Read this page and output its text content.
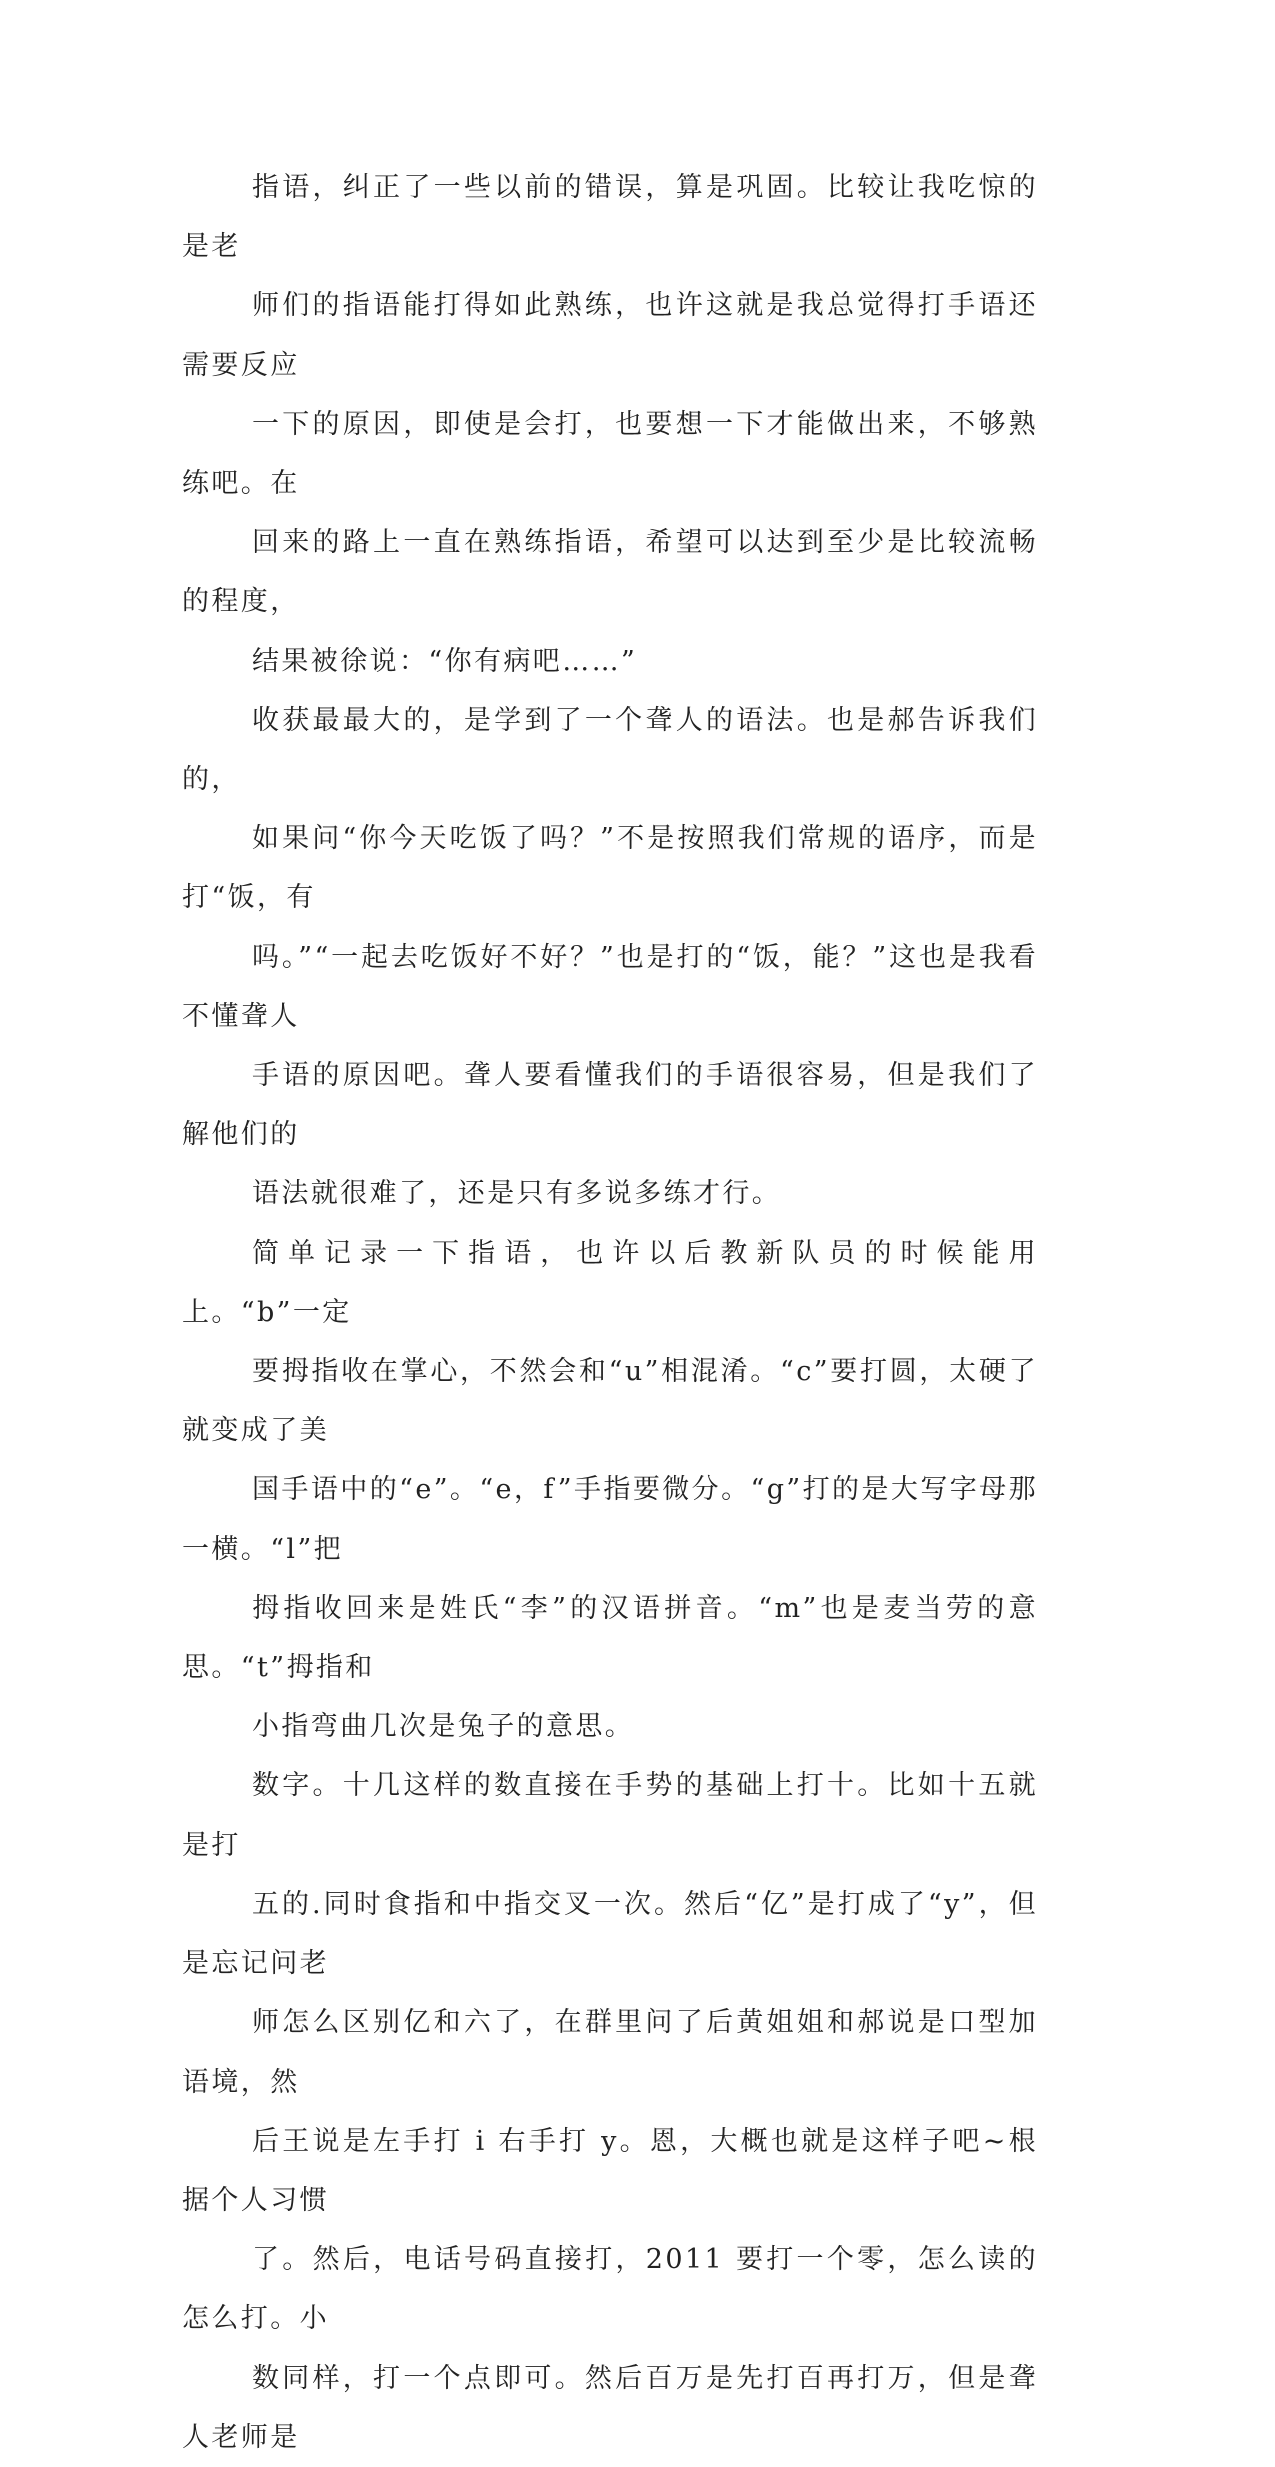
指语，纠正了一些以前的错误，算是巩固。比较让我吃惊的是老
师们的指语能打得如此熟练，也许这就是我总觉得打手语还需要反应
一下的原因，即使是会打，也要想一下才能做出来，不够熟练吧。在
回来的路上一直在熟练指语，希望可以达到至少是比较流畅的程度，
结果被徐说：“你有病吧……”

收获最最大的，是学到了一个聋人的语法。也是郝告诉我们的，
如果问“你今天吃饭了吗？”不是按照我们常规的语序，而是打“饭，有
吗。”“一起去吃饭好不好？”也是打的“饭，能？”这也是我看不懂聋人
手语的原因吧。聋人要看懂我们的手语很容易，但是我们了解他们的
语法就很难了，还是只有多说多练才行。

简单记录一下指语，也许以后教新队员的时候能用上。“b”一定
要拇指收在掌心，不然会和“u”相混淆。“c”要打圆，太硬了就变成了美
国手语中的“e”。“e，f”手指要微分。“g”打的是大写字母那一横。“l”把
拇指收回来是姓氏“李”的汉语拼音。“m”也是麦当劳的意思。“t”拇指和
小指弯曲几次是兔子的意思。

数字。十几这样的数直接在手势的基础上打十。比如十五就是打
五的.同时食指和中指交叉一次。然后“亿”是打成了“y”，但是忘记问老
师怎么区别亿和六了，在群里问了后黄姐姐和郝说是口型加语境，然
后王说是左手打 i 右手打 y。恩，大概也就是这样子吧~根据个人习惯
了。然后，电话号码直接打，2011 要打一个零，怎么读的怎么打。小
数同样，打一个点即可。然后百万是先打百再打万，但是聋人老师是
